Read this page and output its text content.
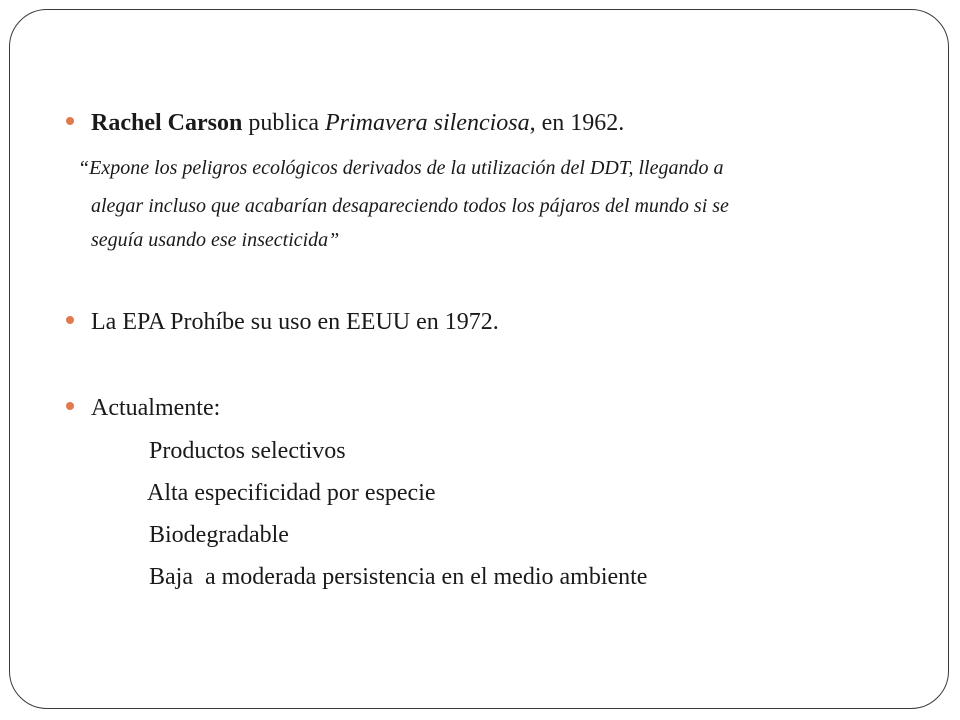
Rachel Carson publica Primavera silenciosa, en 1962.
“Expone los peligros ecológicos derivados de la utilización del DDT, llegando a
alegar incluso que acabarían desapareciendo todos los pájaros del mundo si se
seguía usando ese insecticida”
La EPA Prohíbe su uso en EEUU en 1972.
Actualmente:
Productos selectivos
Alta especificidad por especie
Biodegradable
Baja  a moderada persistencia en el medio ambiente
